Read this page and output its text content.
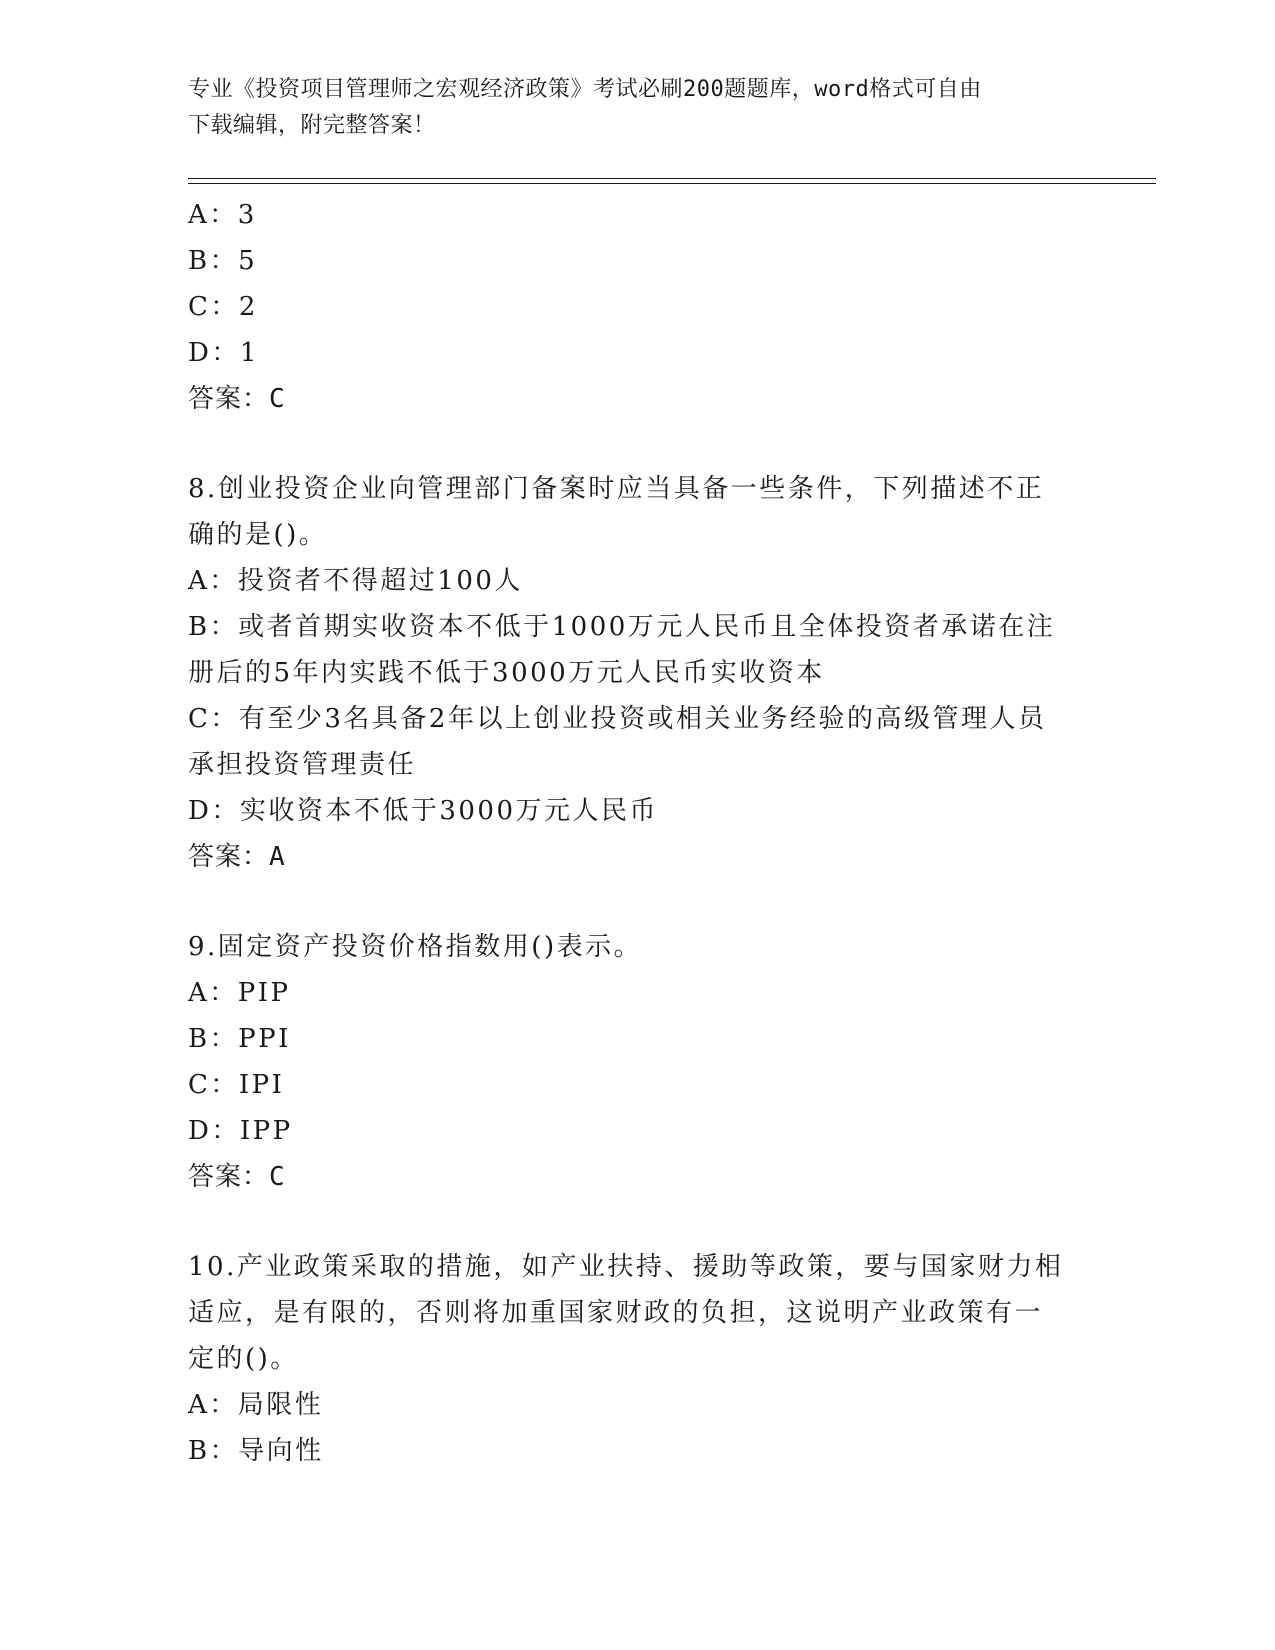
专业《投资项目管理师之宏观经济政策》考试必刷200题题库，word格式可自由
下载编辑，附完整答案！
A：3
B：5
C：2
D：1
答案：C
8.创业投资企业向管理部门备案时应当具备一些条件，下列描述不正
确的是()。
A：投资者不得超过100人
B：或者首期实收资本不低于1000万元人民币且全体投资者承诺在注
册后的5年内实践不低于3000万元人民币实收资本
C：有至少3名具备2年以上创业投资或相关业务经验的高级管理人员
承担投资管理责任
D：实收资本不低于3000万元人民币
答案：A
9.固定资产投资价格指数用()表示。
A：PIP
B：PPI
C：IPI
D：IPP
答案：C
10.产业政策采取的措施，如产业扶持、援助等政策，要与国家财力相
适应，是有限的，否则将加重国家财政的负担，这说明产业政策有一
定的()。
A：局限性
B：导向性
